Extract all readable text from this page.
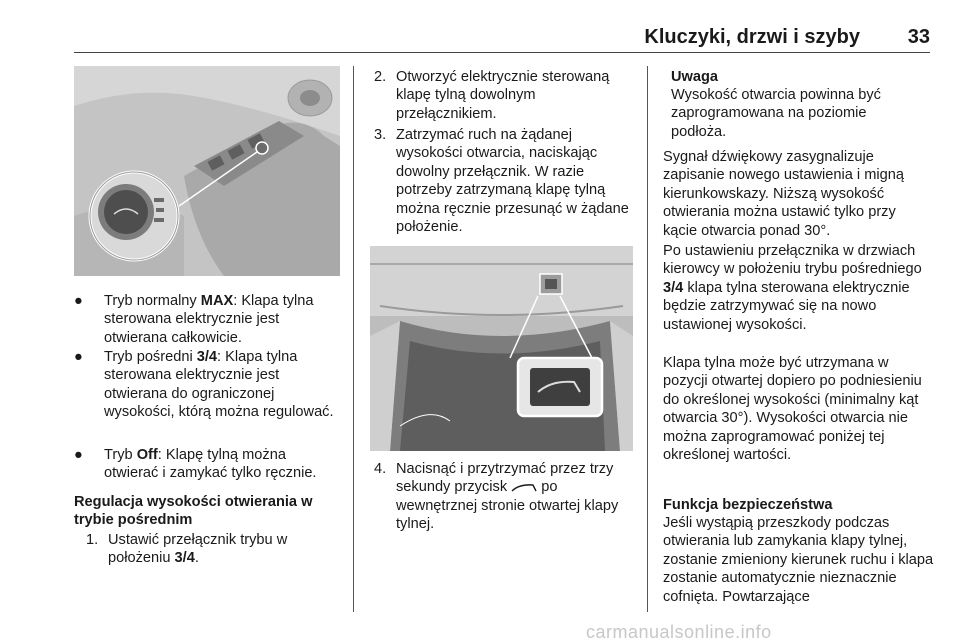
Kluczyki, drzwi i szyby 33
● Tryb normalny MAX: Klapa tylna sterowana elektrycznie jest otwierana całkowicie.

● Tryb pośredni 3/4: Klapa tylna sterowana elektrycznie jest otwierana do ograniczonej wysokości, którą można regulować.

● Tryb Off: Klapę tylną można otwierać i zamykać tylko ręcznie.

Regulacja wysokości otwierania w trybie pośrednim

1. Ustawić przełącznik trybu w położeniu 3/4.

2. Otworzyć elektrycznie sterowaną klapę tylną dowolnym przełącznikiem.

3. Zatrzymać ruch na żądanej wysokości otwarcia, naciskając dowolny przełącznik. W razie potrzeby zatrzymaną klapę tylną można ręcznie przesunąć w żądane położenie.

4. Nacisnąć i przytrzymać przez trzy sekundy przycisk  po wewnętrznej stronie otwartej klapy tylnej.

Uwaga

Wysokość otwarcia powinna być zaprogramowana na poziomie podłoża.

Sygnał dźwiękowy zasygnalizuje zapisanie nowego ustawienia i migną kierunkowskazy. Niższą wysokość otwierania można ustawić tylko przy kącie otwarcia ponad 30°.

Po ustawieniu przełącznika w drzwiach kierowcy w położeniu trybu pośredniego 3/4 klapa tylna sterowana elektrycznie będzie zatrzymywać się na nowo ustawionej wysokości.

Klapa tylna może być utrzymana w pozycji otwartej dopiero po podniesieniu do określonej wysokości (minimalny kąt otwarcia 30°). Wysokości otwarcia nie można zaprogramować poniżej tej określonej wartości.

Funkcja bezpieczeństwa

Jeśli wystąpią przeszkody podczas otwierania lub zamykania klapy tylnej, zostanie zmieniony kierunek ruchu i klapa zostanie automatycznie nieznacznie cofnięta. Powtarzające

carmanualsonline.info
